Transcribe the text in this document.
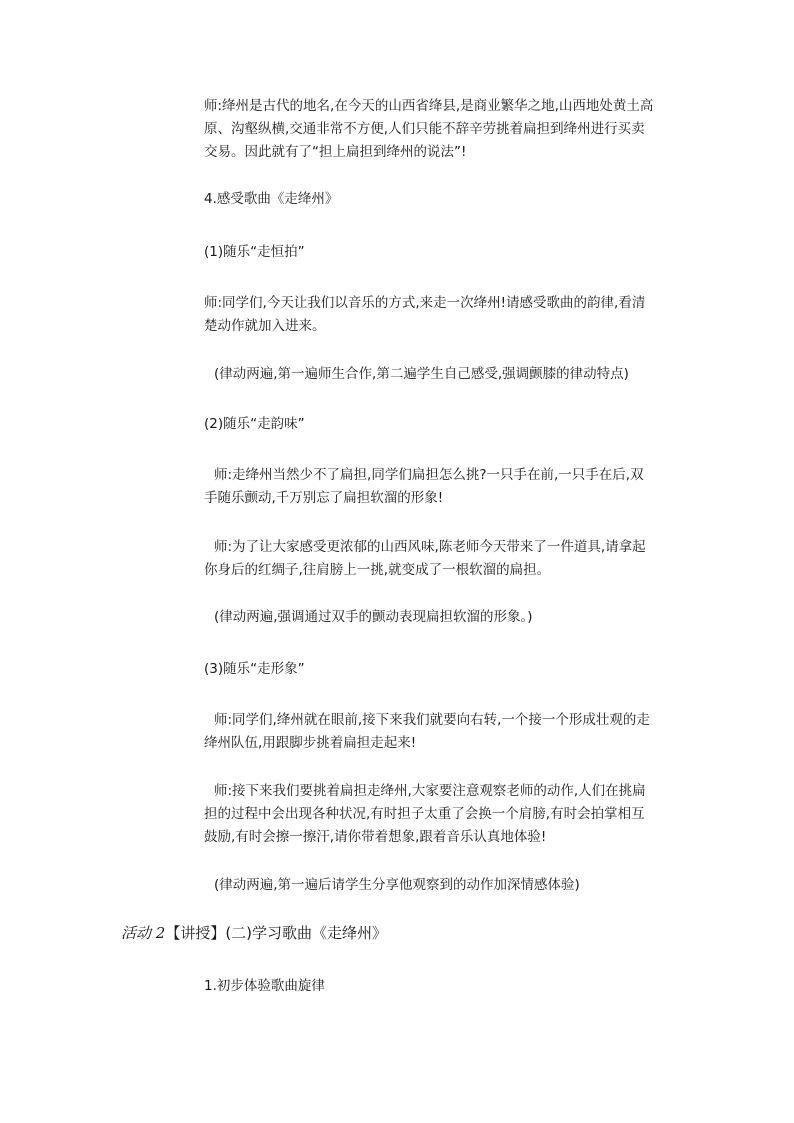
师:绛州是古代的地名,在今天的山西省绛县,是商业繁华之地,山西地处黄土高原、沟壑纵横,交通非常不方便,人们只能不辞辛劳挑着扁担到绛州进行买卖交易。因此就有了“担上扁担到绛州的说法”!

4.感受歌曲《走绛州》

(1)随乐“走恒拍”

师:同学们,今天让我们以音乐的方式,来走一次绛州!请感受歌曲的韵律,看清楚动作就加入进来。

(律动两遍,第一遍师生合作,第二遍学生自己感受,强调颤膝的律动特点)

(2)随乐“走韵味”

师:走绛州当然少不了扁担,同学们扁担怎么挑?一只手在前,一只手在后,双手随乐颤动,千万别忘了扁担软溜的形象!

师:为了让大家感受更浓郁的山西风味,陈老师今天带来了一件道具,请拿起你身后的红绸子,往肩膀上一挑,就变成了一根软溜的扁担。

(律动两遍,强调通过双手的颤动表现扁担软溜的形象。)

(3)随乐“走形象”

师:同学们,绛州就在眼前,接下来我们就要向右转,一个接一个形成壮观的走绛州队伍,用跟脚步挑着扁担走起来!

师:接下来我们要挑着扁担走绛州,大家要注意观察老师的动作,人们在挑扁担的过程中会出现各种状况,有时担子太重了会换一个肩膀,有时会拍掌相互鼓励,有时会擦一擦汗,请你带着想象,跟着音乐认真地体验!

(律动两遍,第一遍后请学生分享他观察到的动作加深情感体验)

活动 2【讲授】(二)学习歌曲《走绛州》

1.初步体验歌曲旋律
